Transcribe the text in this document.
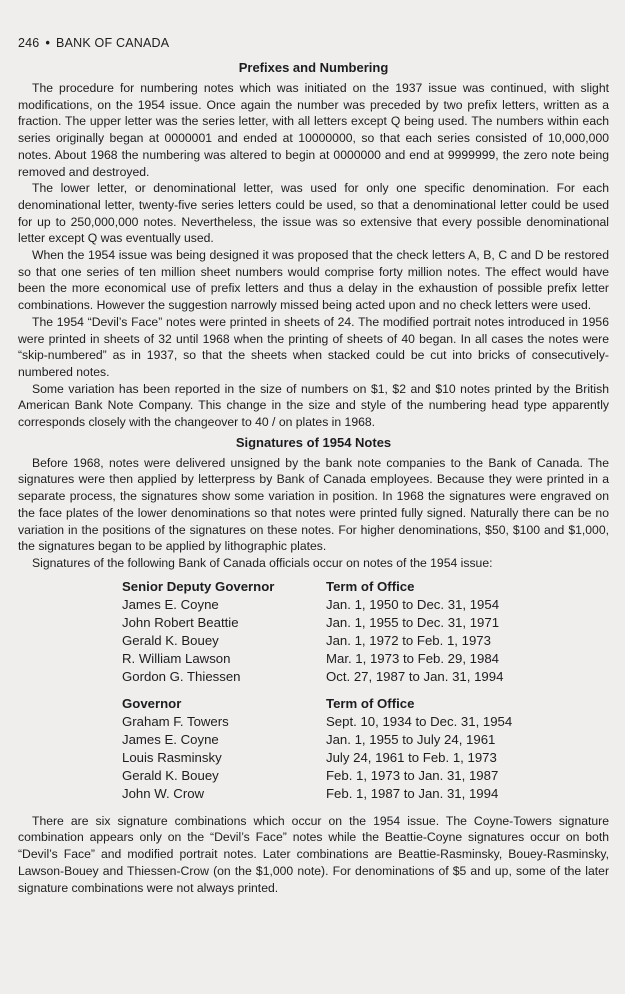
246 • BANK OF CANADA
Prefixes and Numbering

The procedure for numbering notes which was initiated on the 1937 issue was continued, with slight modifications, on the 1954 issue. Once again the number was preceded by two prefix letters, written as a fraction. The upper letter was the series letter, with all letters except Q being used. The numbers within each series originally began at 0000001 and ended at 10000000, so that each series consisted of 10,000,000 notes. About 1968 the numbering was altered to begin at 0000000 and end at 9999999, the zero note being removed and destroyed.

The lower letter, or denominational letter, was used for only one specific denomination. For each denominational letter, twenty-five series letters could be used, so that a denominational letter could be used for up to 250,000,000 notes. Nevertheless, the issue was so extensive that every possible denominational letter except Q was eventually used.

When the 1954 issue was being designed it was proposed that the check letters A, B, C and D be restored so that one series of ten million sheet numbers would comprise forty million notes. The effect would have been the more economical use of prefix letters and thus a delay in the exhaustion of possible prefix letter combinations. However the suggestion narrowly missed being acted upon and no check letters were used.

The 1954 “Devil’s Face” notes were printed in sheets of 24. The modified portrait notes introduced in 1956 were printed in sheets of 32 until 1968 when the printing of sheets of 40 began. In all cases the notes were “skip-numbered” as in 1937, so that the sheets when stacked could be cut into bricks of consecutively-numbered notes.

Some variation has been reported in the size of numbers on $1, $2 and $10 notes printed by the British American Bank Note Company. This change in the size and style of the numbering head type apparently corresponds closely with the changeover to 40 / on plates in 1968.

Signatures of 1954 Notes

Before 1968, notes were delivered unsigned by the bank note companies to the Bank of Canada. The signatures were then applied by letterpress by Bank of Canada employees. Because they were printed in a separate process, the signatures show some variation in position. In 1968 the signatures were engraved on the face plates of the lower denominations so that notes were printed fully signed. Naturally there can be no variation in the positions of the signatures on these notes. For higher denominations, $50, $100 and $1,000, the signatures began to be applied by lithographic plates.

Signatures of the following Bank of Canada officials occur on notes of the 1954 issue:

Senior Deputy Governor	Term of Office
James E. Coyne	Jan. 1, 1950 to Dec. 31, 1954
John Robert Beattie	Jan. 1, 1955 to Dec. 31, 1971
Gerald K. Bouey	Jan. 1, 1972 to Feb. 1, 1973
R. William Lawson	Mar. 1, 1973 to Feb. 29, 1984
Gordon G. Thiessen	Oct. 27, 1987 to Jan. 31, 1994

Governor	Term of Office
Graham F. Towers	Sept. 10, 1934 to Dec. 31, 1954
James E. Coyne	Jan. 1, 1955 to July 24, 1961
Louis Rasminsky	July 24, 1961 to Feb. 1, 1973
Gerald K. Bouey	Feb. 1, 1973 to Jan. 31, 1987
John W. Crow	Feb. 1, 1987 to Jan. 31, 1994

There are six signature combinations which occur on the 1954 issue. The Coyne-Towers signature combination appears only on the “Devil’s Face” notes while the Beattie-Coyne signatures occur on both “Devil’s Face” and modified portrait notes. Later combinations are Beattie-Rasminsky, Bouey-Rasminsky, Lawson-Bouey and Thiessen-Crow (on the $1,000 note). For denominations of $5 and up, some of the later signature combinations were not always printed.
